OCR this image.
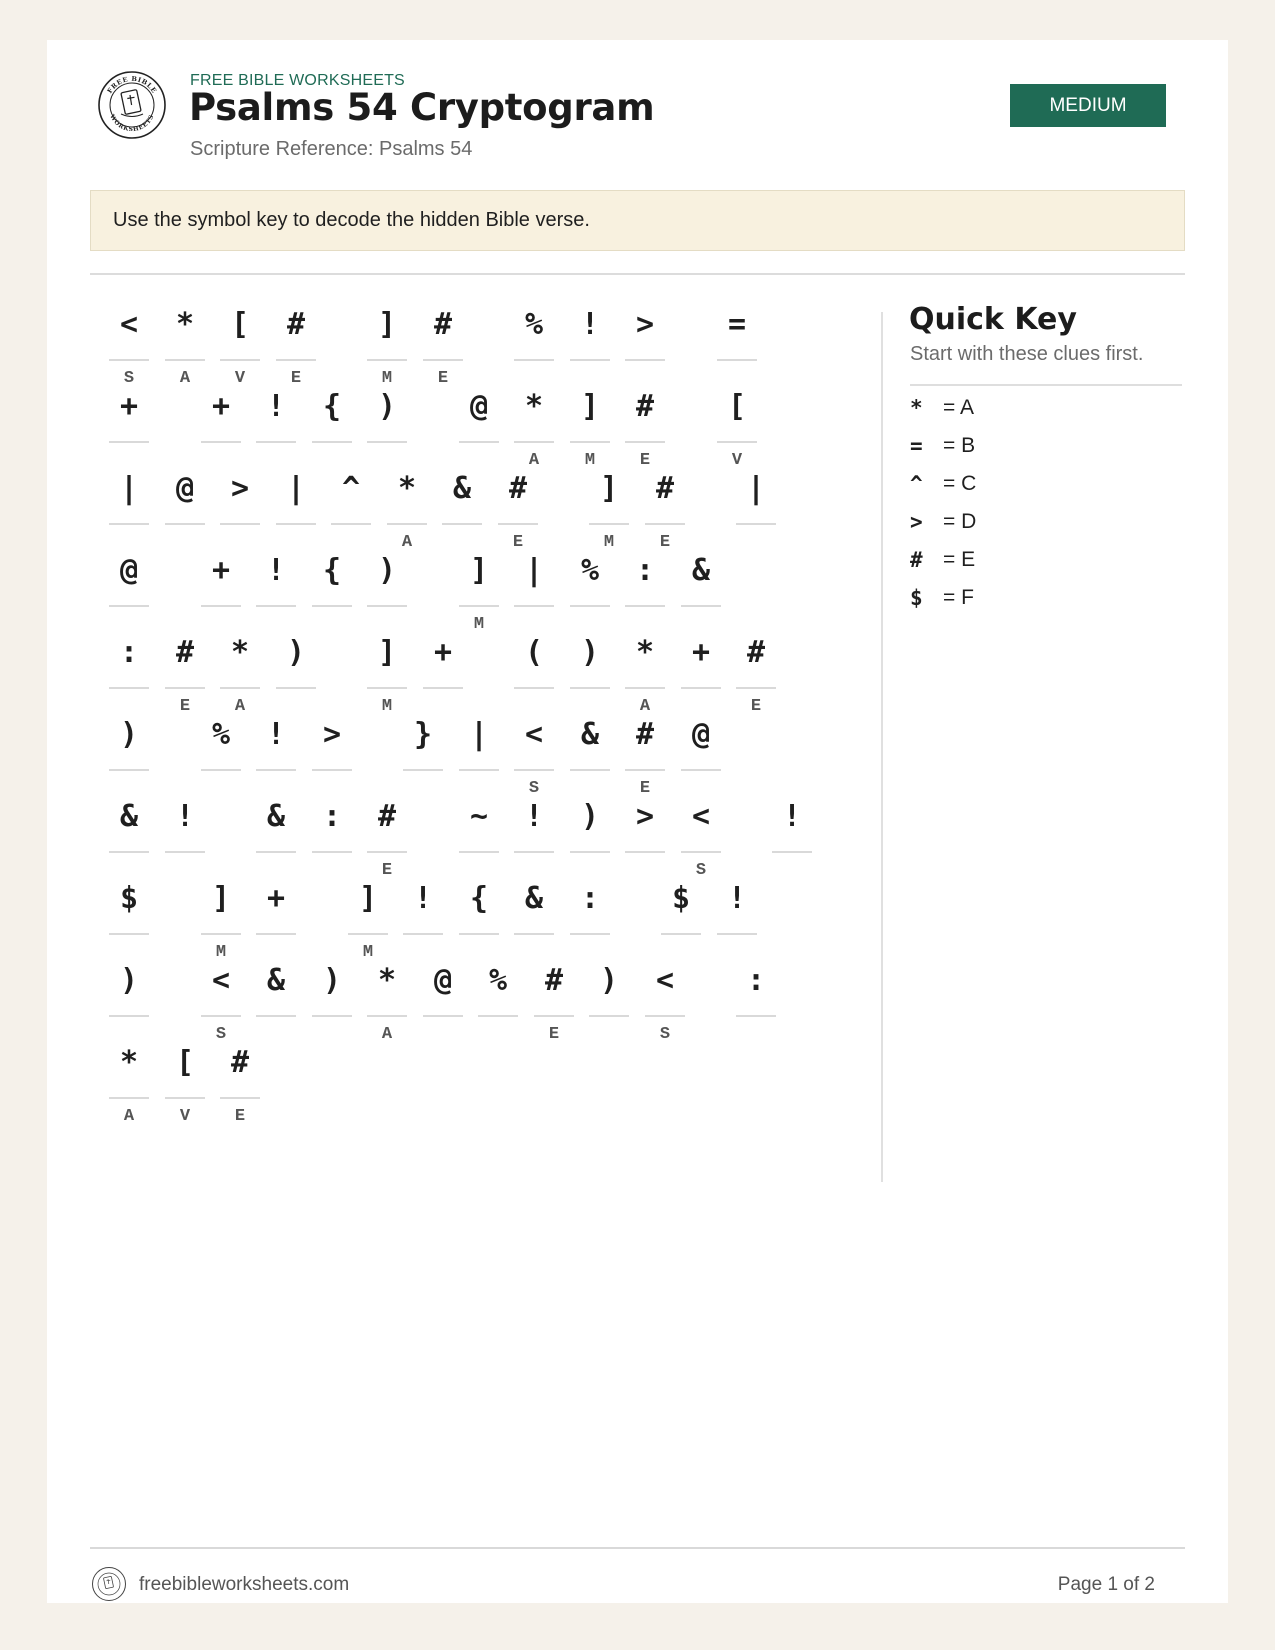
FREE BIBLE
WORKSHEETS
FREE BIBLE WORKSHEETS
Psalms 54 Cryptogram
Scripture Reference: Psalms 54
MEDIUM
Use the symbol key to decode the hidden Bible verse.
<
S
*
A
[
V
#
E
]
M
#
E
%	!	>	=
+	+	!	{	)	@	*
A
]
M
#
E
[
V
|	@	>	|	^	*
A
&	#
E
]
M
#
E
|
@	+	!	{	)	]
M
|	%	:	&
:	#
E
*
A
)	]
M
+	(	)	*
A
+	#
E
)	%	!	>	}	|	<
S
&	#
E
@
&	!	&	:	#
E
~	!	)	>	<
S
!
$	]
M
+	]
M
!	{	&	:	$	!
)	<
S
&	)	*
A
@	%	#
E
)	<
S
:
*
A
[
V
#
E
Quick Key
Start with these clues first.
* = A
= = B
^ = C
> = D
# = E
$ = F
freebibleworksheets.com	Page 1 of 2
